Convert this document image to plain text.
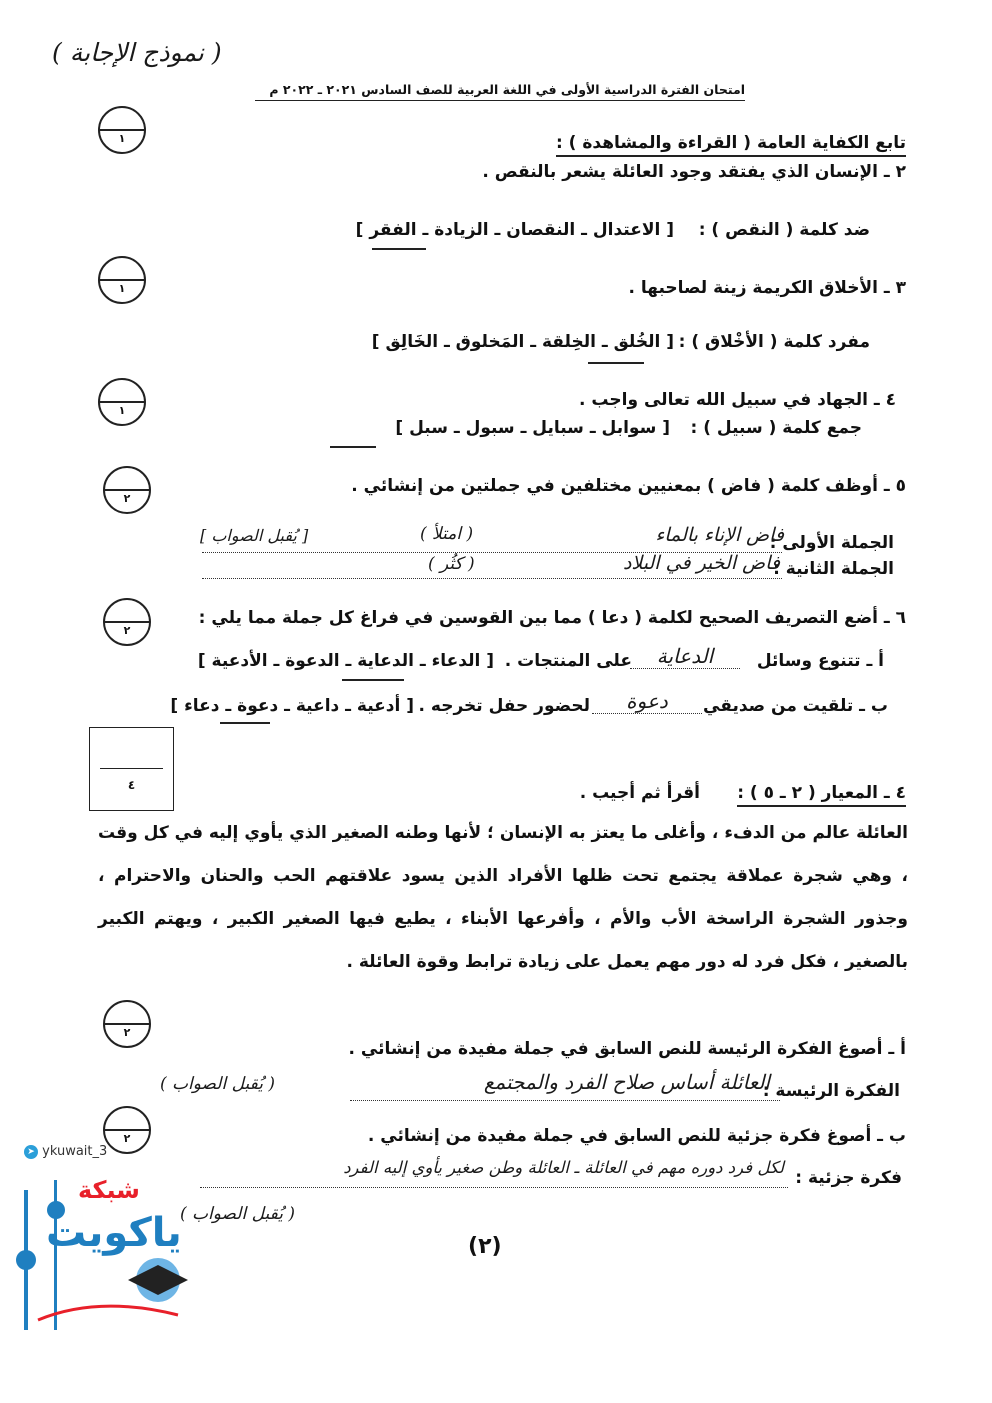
( نموذج الإجابة )
امتحان الفترة الدراسية الأولى في اللغة العربية للصف السادس ٢٠٢١ ـ ٢٠٢٢ م
تابع الكفاية العامة ( القراءة والمشاهدة ) :
١
١
١
٢
٢
٢
٢
٤
٢ ـ الإنسان الذي يفتقد وجود العائلة يشعر بالنقص .
ضد كلمة ( النقص ) :
[ الاعتدال ـ النقصان ـ الزيادة ـ الفقر ]
٣ ـ الأخلاق الكريمة زينة لصاحبها .
مفرد كلمة ( الأخْلاق ) :
[ الخُلق ـ الخِلقة ـ المَخلوق ـ الخَالِق ]
٤ ـ الجهاد في سبيل الله تعالى واجب .
جمع كلمة ( سبيل ) :
[ سوابل ـ سبايل ـ سبول ـ سبل ]
٥ ـ أوظف كلمة ( فاض ) بمعنيين مختلفين في جملتين من إنشائي .
الجملة الأولى :
فاض الإناء بالماء
( امتلأ )
[ يُقبل الصواب ]
الجملة الثانية :
فاض الخير في البلاد
( كثُر )
٦ ـ أضع التصريف الصحيح لكلمة ( دعا ) مما بين القوسين في فراغ كل جملة مما يلي :
أ ـ تتنوع وسائل
الدعاية
على المنتجات .
[ الدعاء ـ الدعاية ـ الدعوة ـ الأدعية ]
ب ـ تلقيت من صديقي
دعوة
لحضور حفل تخرجه .
[ أدعية ـ داعية ـ دعوة ـ دعاء ]
٤ ـ المعيار ( ٢ ـ ٥ ) :
أقرأ ثم أجيب .
العائلة عالم من الدفء ، وأغلى ما يعتز به الإنسان ؛ لأنها وطنه الصغير الذي يأوي إليه في كل وقت ، وهي شجرة عملاقة يجتمع تحت ظلها الأفراد الذين يسود علاقتهم الحب والحنان والاحترام ، وجذور الشجرة الراسخة الأب والأم ، وأفرعها الأبناء ، يطيع فيها الصغير الكبير ، ويهتم الكبير بالصغير ، فكل فرد له دور مهم يعمل على زيادة ترابط وقوة العائلة .
أ ـ أصوغ الفكرة الرئيسة للنص السابق في جملة مفيدة من إنشائي .
الفكرة الرئيسة :
العائلة أساس صلاح الفرد والمجتمع
( يُقبل الصواب )
ب ـ أصوغ فكرة جزئية للنص السابق في جملة مفيدة من إنشائي .
فكرة جزئية :
لكل فرد دوره مهم في العائلة ـ العائلة وطن صغير يأوي إليه الفرد
( يُقبل الصواب )
➤ ykuwait_3
شبكة
ياكويت	(٢)
